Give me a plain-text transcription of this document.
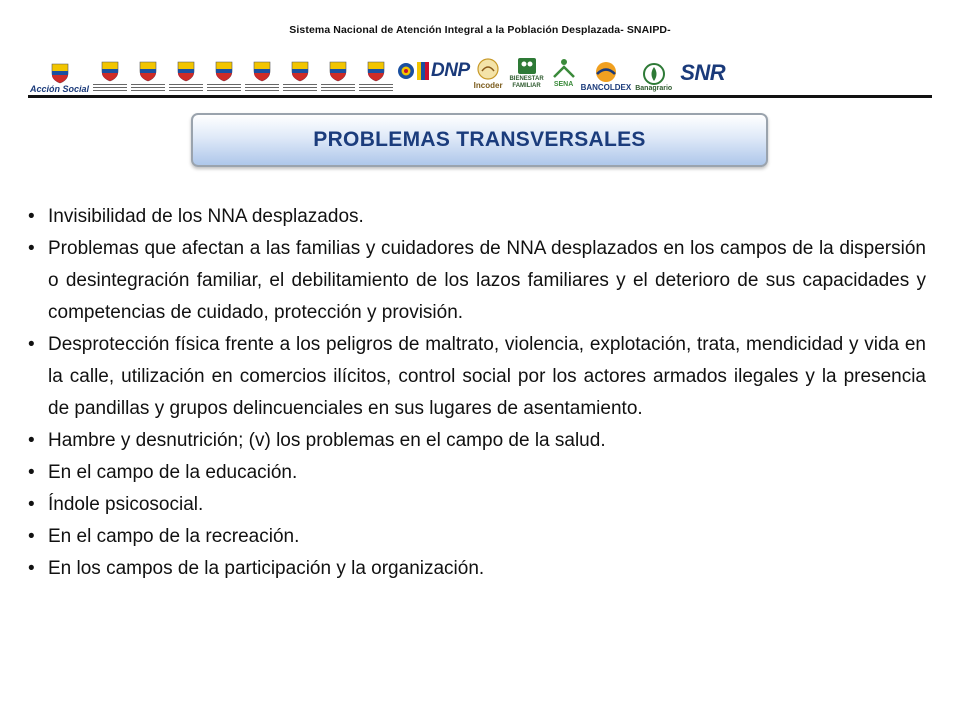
Sistema Nacional de Atención Integral a la Población Desplazada- SNAIPD-
Acción Social
DNP
Incoder
BIENESTAR FAMILIAR	SENA BANCOLDEX Banagrario
SNR
PROBLEMAS TRANSVERSALES
• Invisibilidad de los NNA desplazados.
• Problemas que afectan a las familias y cuidadores de NNA desplazados en los campos de la dispersión o desintegración familiar, el debilitamiento de los lazos familiares y el deterioro de sus capacidades y competencias de cuidado, protección y provisión.
• Desprotección física frente a los peligros de maltrato, violencia, explotación, trata, mendicidad y vida en la calle, utilización en comercios ilícitos, control social por los actores armados ilegales y la presencia de pandillas y grupos delincuenciales en sus lugares de asentamiento.
• Hambre y desnutrición; (v) los problemas en el campo de la salud.
• En el campo de la educación.
• Índole psicosocial.
• En el campo de la recreación.
• En los campos de la participación y la organización.
